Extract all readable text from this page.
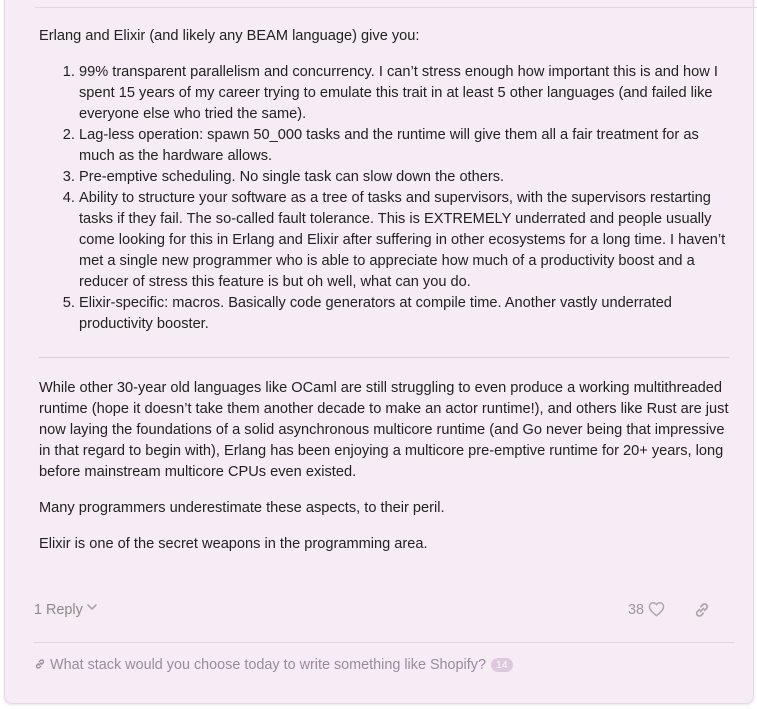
Erlang and Elixir (and likely any BEAM language) give you:

1. 99% transparent parallelism and concurrency. I can’t stress enough how important this is and how I spent 15 years of my career trying to emulate this trait in at least 5 other languages (and failed like everyone else who tried the same).
2. Lag-less operation: spawn 50_000 tasks and the runtime will give them all a fair treatment for as much as the hardware allows.
3. Pre-emptive scheduling. No single task can slow down the others.
4. Ability to structure your software as a tree of tasks and supervisors, with the supervisors restarting tasks if they fail. The so-called fault tolerance. This is EXTREMELY underrated and people usually come looking for this in Erlang and Elixir after suffering in other ecosystems for a long time. I haven’t met a single new programmer who is able to appreciate how much of a productivity boost and a reducer of stress this feature is but oh well, what can you do.
5. Elixir-specific: macros. Basically code generators at compile time. Another vastly underrated productivity booster.

While other 30-year old languages like OCaml are still struggling to even produce a working multithreaded runtime (hope it doesn’t take them another decade to make an actor runtime!), and others like Rust are just now laying the foundations of a solid asynchronous multicore runtime (and Go never being that impressive in that regard to begin with), Erlang has been enjoying a multicore pre-emptive runtime for 20+ years, long before mainstream multicore CPUs even existed.

Many programmers underestimate these aspects, to their peril.

Elixir is one of the secret weapons in the programming area.

1 Reply	38
What stack would you choose today to write something like Shopify? 14
